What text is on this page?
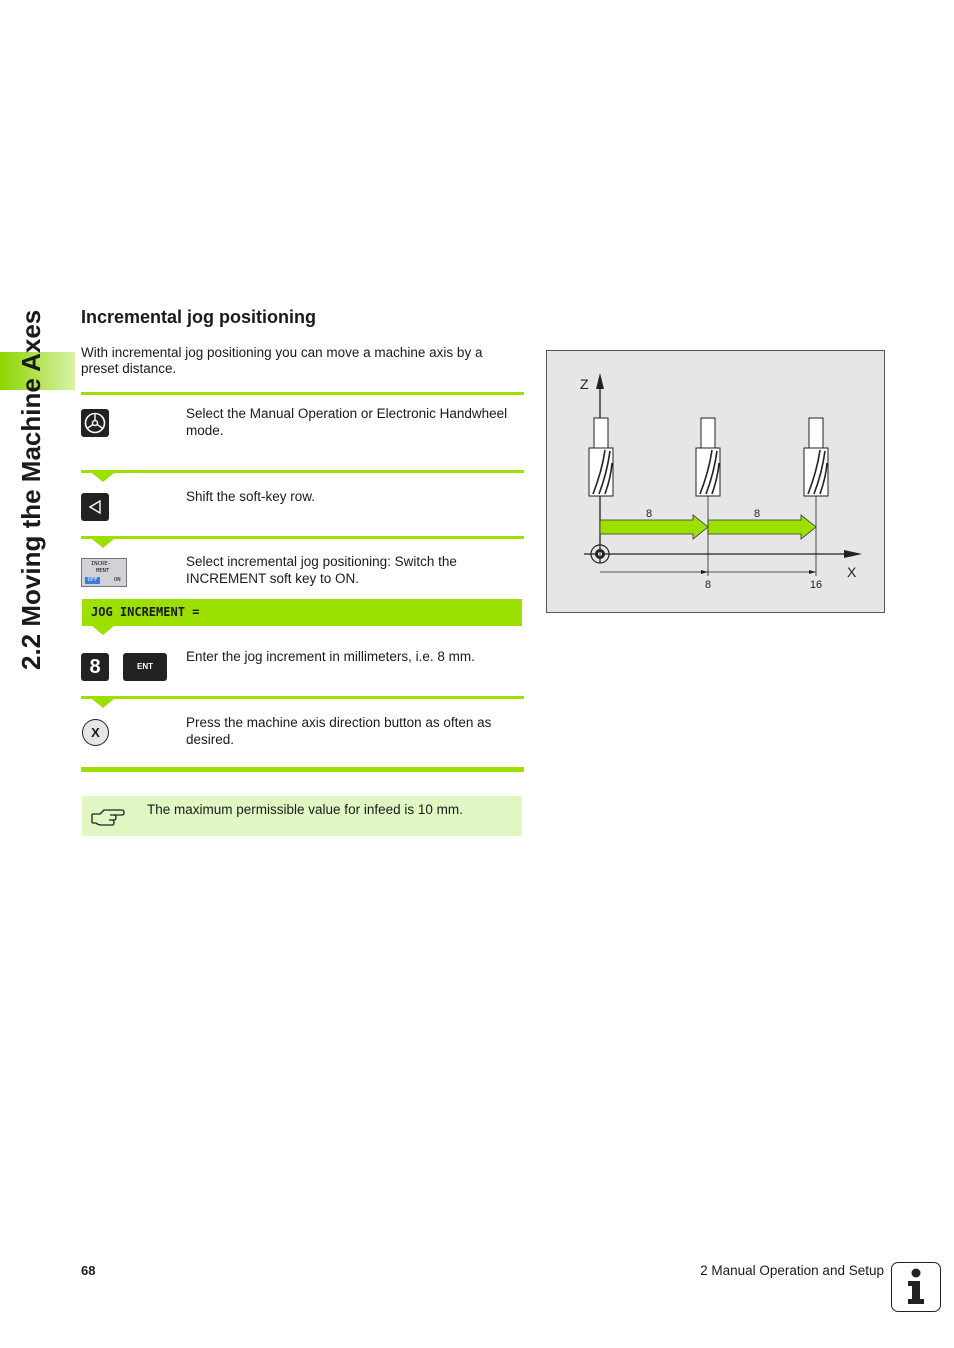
2.2 Moving the Machine Axes Incremental jog positioning
With incremental jog positioning you can move a machine axis by a preset distance.
Select the Manual Operation or Electronic Handwheel mode.
Shift the soft-key row.
INCRE-
MENT
OFF	ON
Select incremental jog positioning: Switch the INCREMENT soft key to ON.
JOG INCREMENT =
8	ENT
Enter the jog increment in millimeters, i.e. 8 mm.
X
Press the machine axis direction button as often as desired.
The maximum permissible value for infeed is 10 mm.
Z
X
8	8
8	16
68	2 Manual Operation and Setup
